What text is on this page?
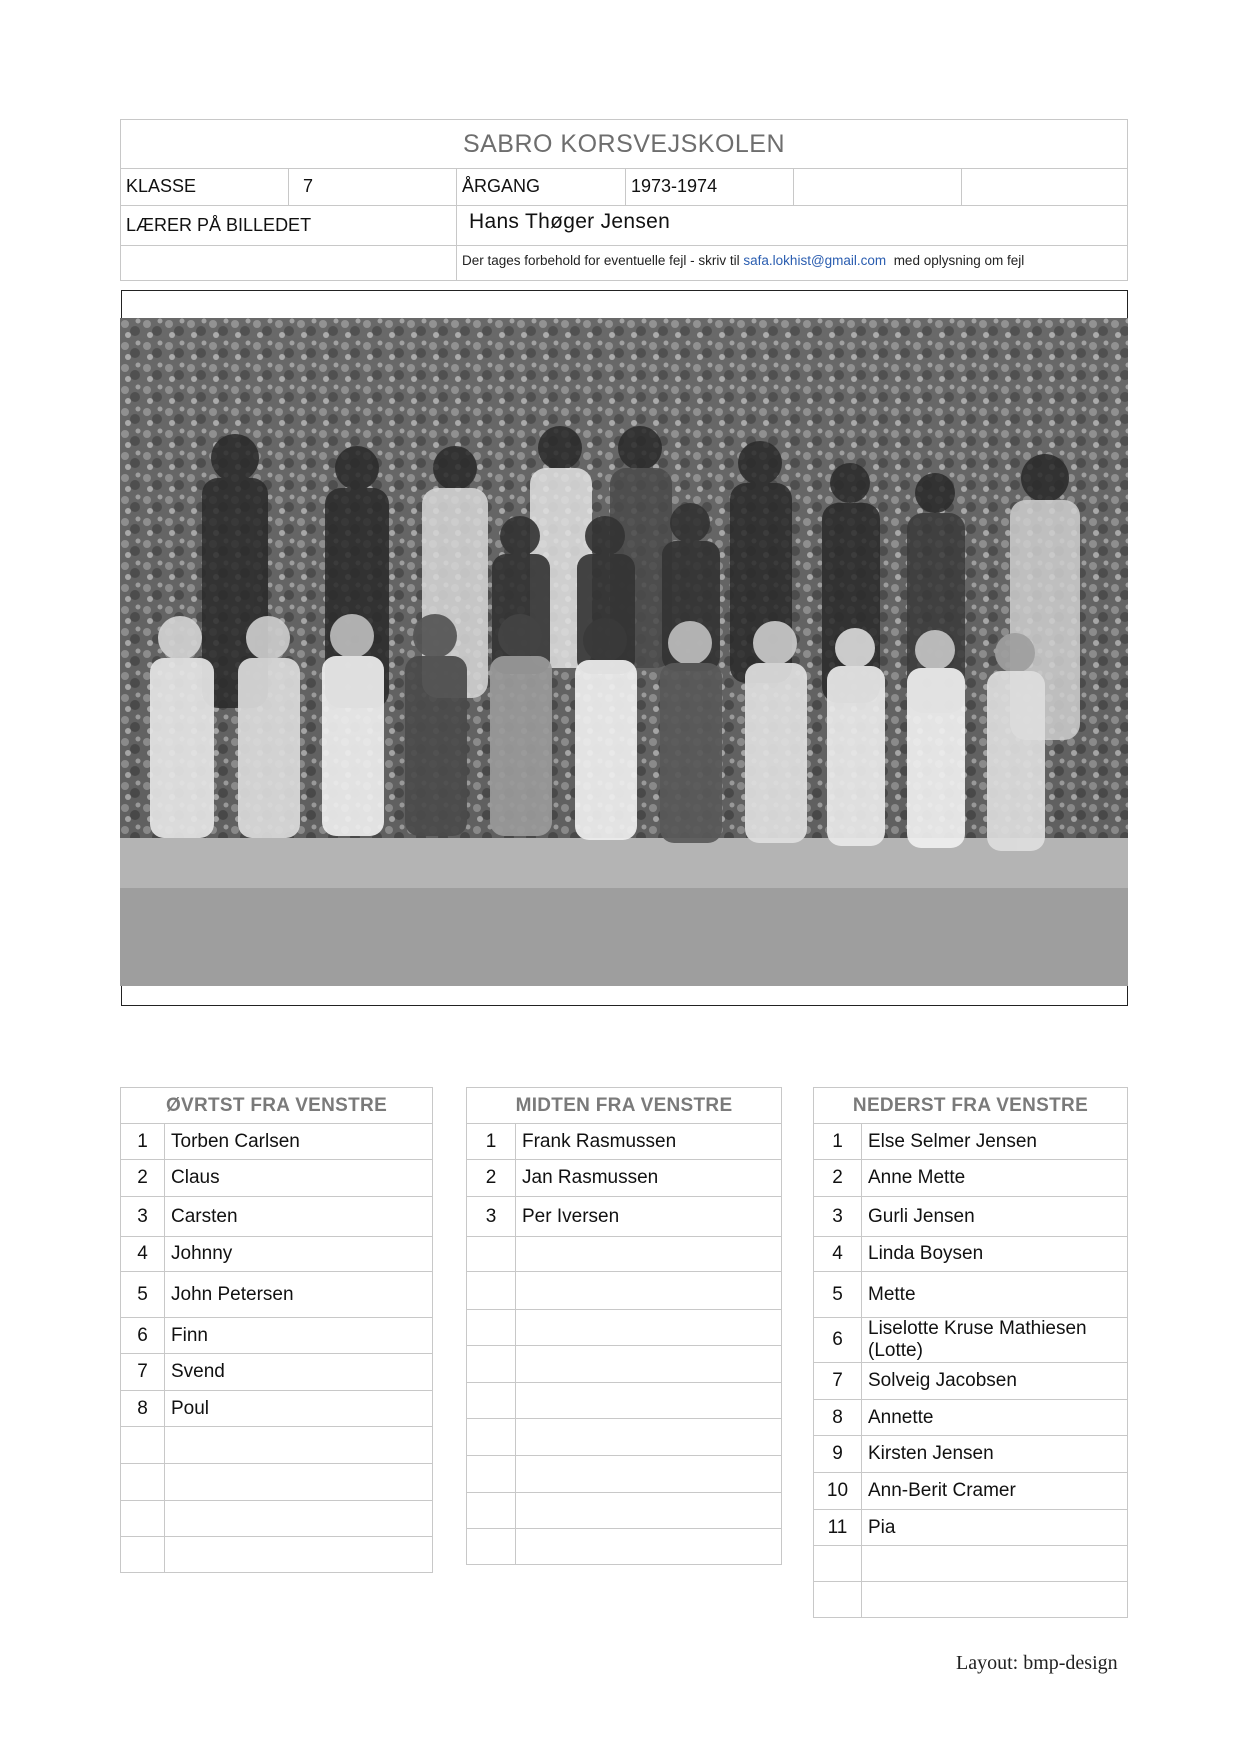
SABRO KORSVEJSKOLEN
KLASSE	7	ÅRGANG	1973-1974
LÆRER PÅ BILLEDET	Hans Thøger Jensen
Der tages forbehold for eventuelle fejl - skriv til safa.lokhist@gmail.com med oplysning om fejl
ØVRTST FRA VENSTRE	
1	Torben Carlsen
2	Claus
3	Carsten
4	Johnny
5	John Petersen
6	Finn
7	Svend
8	Poul

MIDTEN FRA VENSTRE	
1	Frank Rasmussen
2	Jan Rasmussen
3	Per Iversen

NEDERST FRA VENSTRE	
1	Else Selmer Jensen
2	Anne Mette
3	Gurli Jensen
4	Linda Boysen
5	Mette
6	Liselotte Kruse Mathiesen (Lotte)
7	Solveig Jacobsen
8	Annette
9	Kirsten Jensen
10	Ann-Berit Cramer
11	Pia

Layout: bmp-design
